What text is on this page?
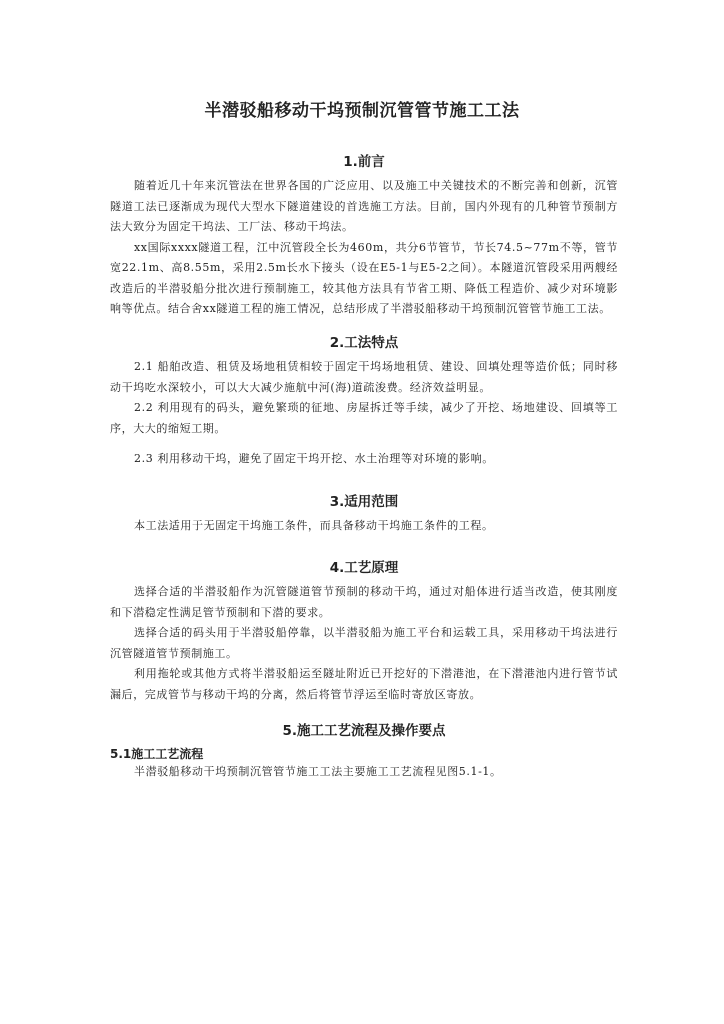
半潜驳船移动干坞预制沉管管节施工工法
1.前言

随着近几十年来沉管法在世界各国的广泛应用、以及施工中关键技术的不断完善和创新，沉管隧道工法已逐渐成为现代大型水下隧道建设的首选施工方法。目前，国内外现有的几种管节预制方法大致分为固定干坞法、工厂法、移动干坞法。

xx国际xxxx隧道工程，江中沉管段全长为460m，共分6节管节，节长74.5~77m不等，管节宽22.1m、高8.55m，采用2.5m长水下接头（设在E5-1与E5-2之间）。本隧道沉管段采用两艘经改造后的半潜驳船分批次进行预制施工，较其他方法具有节省工期、降低工程造价、减少对环境影响等优点。结合舍xx隧道工程的施工情况，总结形成了半潜驳船移动干坞预制沉管管节施工工法。

2.工法特点

2.1 船舶改造、租赁及场地租赁相较于固定干坞场地租赁、建设、回填处理等造价低；同时移动干坞吃水深较小，可以大大减少施航中河(海)道疏浚费。经济效益明显。

2.2 利用现有的码头，避免繁琐的征地、房屋拆迁等手续，减少了开挖、场地建设、回填等工序，大大的缩短工期。

2.3 利用移动干坞，避免了固定干坞开挖、水土治理等对环境的影响。

3.适用范围

本工法适用于无固定干坞施工条件，而具备移动干坞施工条件的工程。

4.工艺原理

选择合适的半潜驳船作为沉管隧道管节预制的移动干坞，通过对船体进行适当改造，使其刚度和下潜稳定性满足管节预制和下潜的要求。

选择合适的码头用于半潜驳船停靠，以半潜驳船为施工平台和运载工具，采用移动干坞法进行沉管隧道管节预制施工。

利用拖轮或其他方式将半潜驳船运至隧址附近已开挖好的下潜港池，在下潜港池内进行管节试漏后，完成管节与移动干坞的分离，然后将管节浮运至临时寄放区寄放。

5.施工工艺流程及操作要点
5.1施工工艺流程

半潜驳船移动干坞预制沉管管节施工工法主要施工工艺流程见图5.1-1。
